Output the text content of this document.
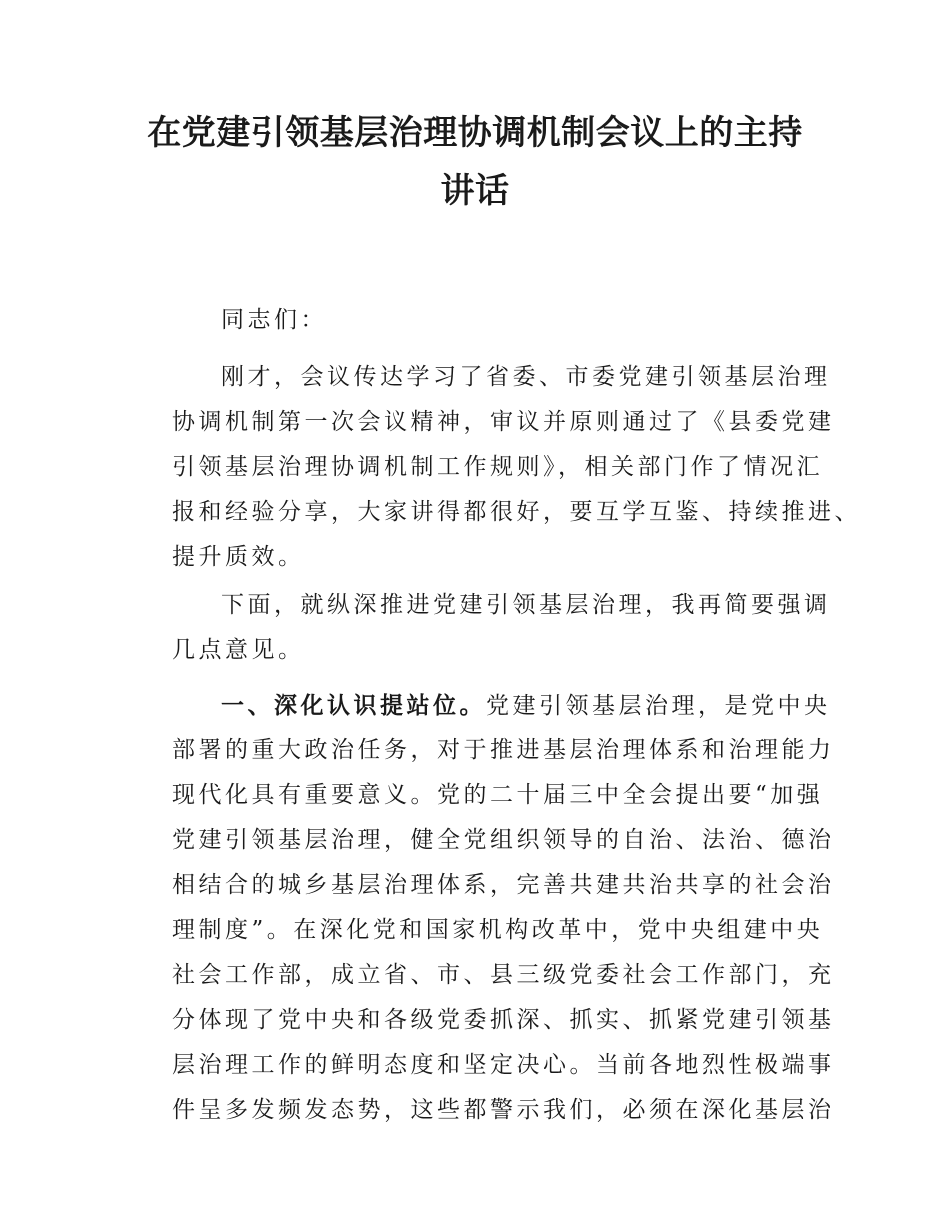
在党建引领基层治理协调机制会议上的主持
讲话
同志们：
刚才，会议传达学习了省委、市委党建引领基层治理
协调机制第一次会议精神，审议并原则通过了《县委党建
引领基层治理协调机制工作规则》，相关部门作了情况汇
报和经验分享，大家讲得都很好，要互学互鉴、持续推进、
提升质效。
下面，就纵深推进党建引领基层治理，我再简要强调
几点意见。
一、深化认识提站位。党建引领基层治理，是党中央
部署的重大政治任务，对于推进基层治理体系和治理能力
现代化具有重要意义。党的二十届三中全会提出要“加强
党建引领基层治理，健全党组织领导的自治、法治、德治
相结合的城乡基层治理体系，完善共建共治共享的社会治
理制度”。在深化党和国家机构改革中，党中央组建中央
社会工作部，成立省、市、县三级党委社会工作部门，充
分体现了党中央和各级党委抓深、抓实、抓紧党建引领基
层治理工作的鲜明态度和坚定决心。当前各地烈性极端事
件呈多发频发态势，这些都警示我们，必须在深化基层治
